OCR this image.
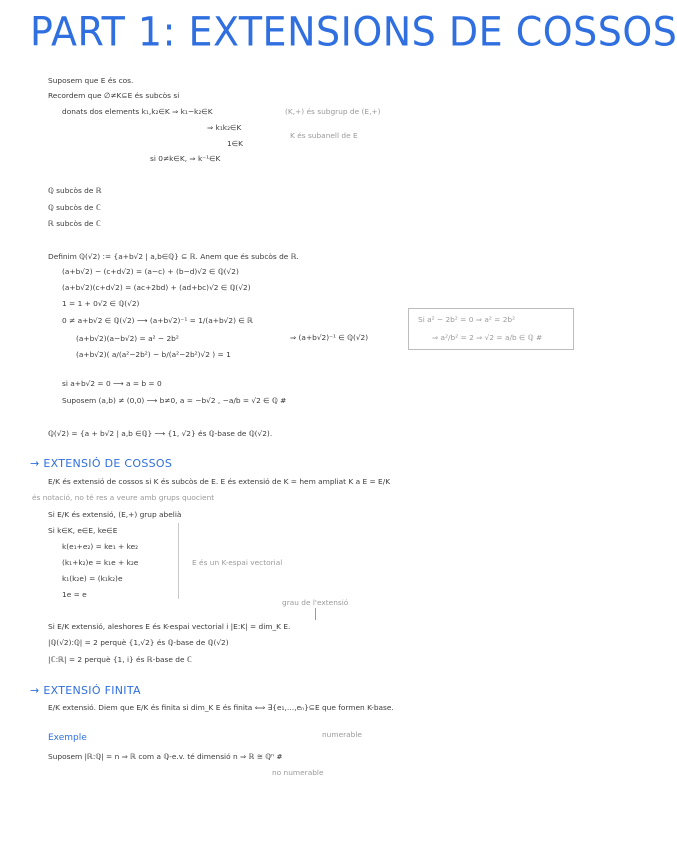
PART 1: EXTENSIONS DE COSSOS
Suposem que E és cos.
Recordem que ∅≠K⊆E és subcòs si
donats dos elements k₁,k₂∈K ⇒ k₁−k₂∈K
⇒ k₁k₂∈K
1∈K
si 0≠k∈K, ⇒ k⁻¹∈K
(K,+) és subgrup de (E,+)
K és subanell de E
ℚ subcòs de ℝ
ℚ subcòs de ℂ
ℝ subcòs de ℂ
Definim ℚ(√2) := {a+b√2 | a,b∈ℚ} ⊆ ℝ. Anem que és subcòs de ℝ.
(a+b√2) − (c+d√2) = (a−c) + (b−d)√2 ∈ ℚ(√2)
(a+b√2)(c+d√2) = (ac+2bd) + (ad+bc)√2 ∈ ℚ(√2)
1 = 1 + 0√2 ∈ ℚ(√2)
0 ≠ a+b√2 ∈ ℚ(√2) ⟶ (a+b√2)⁻¹ = 1/(a+b√2) ∈ ℝ
(a+b√2)(a−b√2) = a² − 2b²
(a+b√2)( a/(a²−2b²) − b/(a²−2b²)√2 ) = 1
⇒ (a+b√2)⁻¹ ∈ ℚ(√2)
Si a² − 2b² = 0 ⇒ a² = 2b²
⇒ a²/b² = 2 ⇒ √2 = a/b ∈ ℚ #
si a+b√2 = 0 ⟶ a = b = 0
Suposem (a,b) ≠ (0,0) ⟶ b≠0, a = −b√2 , −a/b = √2 ∈ ℚ #
ℚ(√2) = {a + b√2 | a,b ∈ℚ} ⟶ {1, √2} és ℚ-base de ℚ(√2).
→ EXTENSIÓ DE COSSOS
E/K és extensió de cossos si K és subcòs de E. E és extensió de K = hem ampliat K a E = E/K
és notació, no té res a veure amb grups quocient
Si E/K és extensió, (E,+) grup abelià
Si k∈K, e∈E, ke∈E
k(e₁+e₂) = ke₁ + ke₂
(k₁+k₂)e = k₁e + k₂e
k₁(k₂e) = (k₁k₂)e
1e = e
E és un K-espai vectorial
grau de l'extensió
Si E/K extensió, aleshores E és K-espai vectorial i |E:K| = dim_K E.
|ℚ(√2):ℚ| = 2 perquè {1,√2} és ℚ-base de ℚ(√2)
|ℂ:ℝ| = 2 perquè {1, i} és ℝ-base de ℂ
→ EXTENSIÓ FINITA
E/K extensió. Diem que E/K és finita si dim_K E és finita ⟺ ∃{e₁,…,eₙ}⊆E que formen K-base.
Exemple	numerable
Suposem |ℝ:ℚ| = n ⇒ ℝ com a ℚ-e.v. té dimensió n ⇒ ℝ ≅ ℚⁿ #
no numerable
